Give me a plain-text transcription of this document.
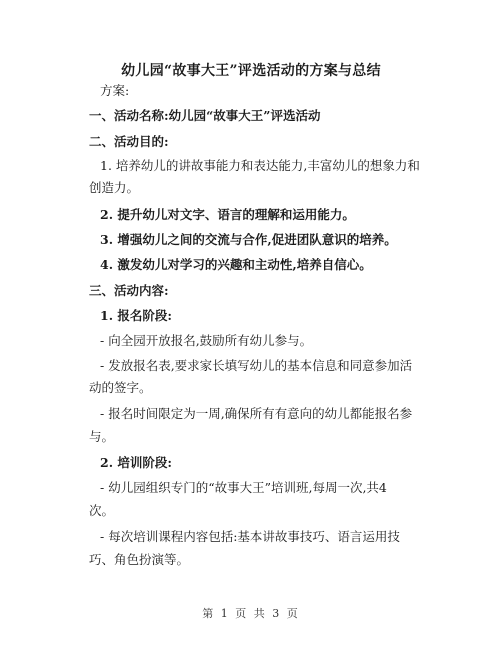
幼儿园“故事大王”评选活动的方案与总结
方案:
一、活动名称:幼儿园“故事大王”评选活动
二、活动目的:
1. 培养幼儿的讲故事能力和表达能力,丰富幼儿的想象力和
创造力。
2. 提升幼儿对文字、语言的理解和运用能力。
3. 增强幼儿之间的交流与合作,促进团队意识的培养。
4. 激发幼儿对学习的兴趣和主动性,培养自信心。
三、活动内容:
1. 报名阶段:
- 向全园开放报名,鼓励所有幼儿参与。
- 发放报名表,要求家长填写幼儿的基本信息和同意参加活
动的签字。
- 报名时间限定为一周,确保所有有意向的幼儿都能报名参
与。
2. 培训阶段:
- 幼儿园组织专门的“故事大王”培训班,每周一次,共4
次。
- 每次培训课程内容包括:基本讲故事技巧、语言运用技
巧、角色扮演等。
第 1 页 共 3 页
